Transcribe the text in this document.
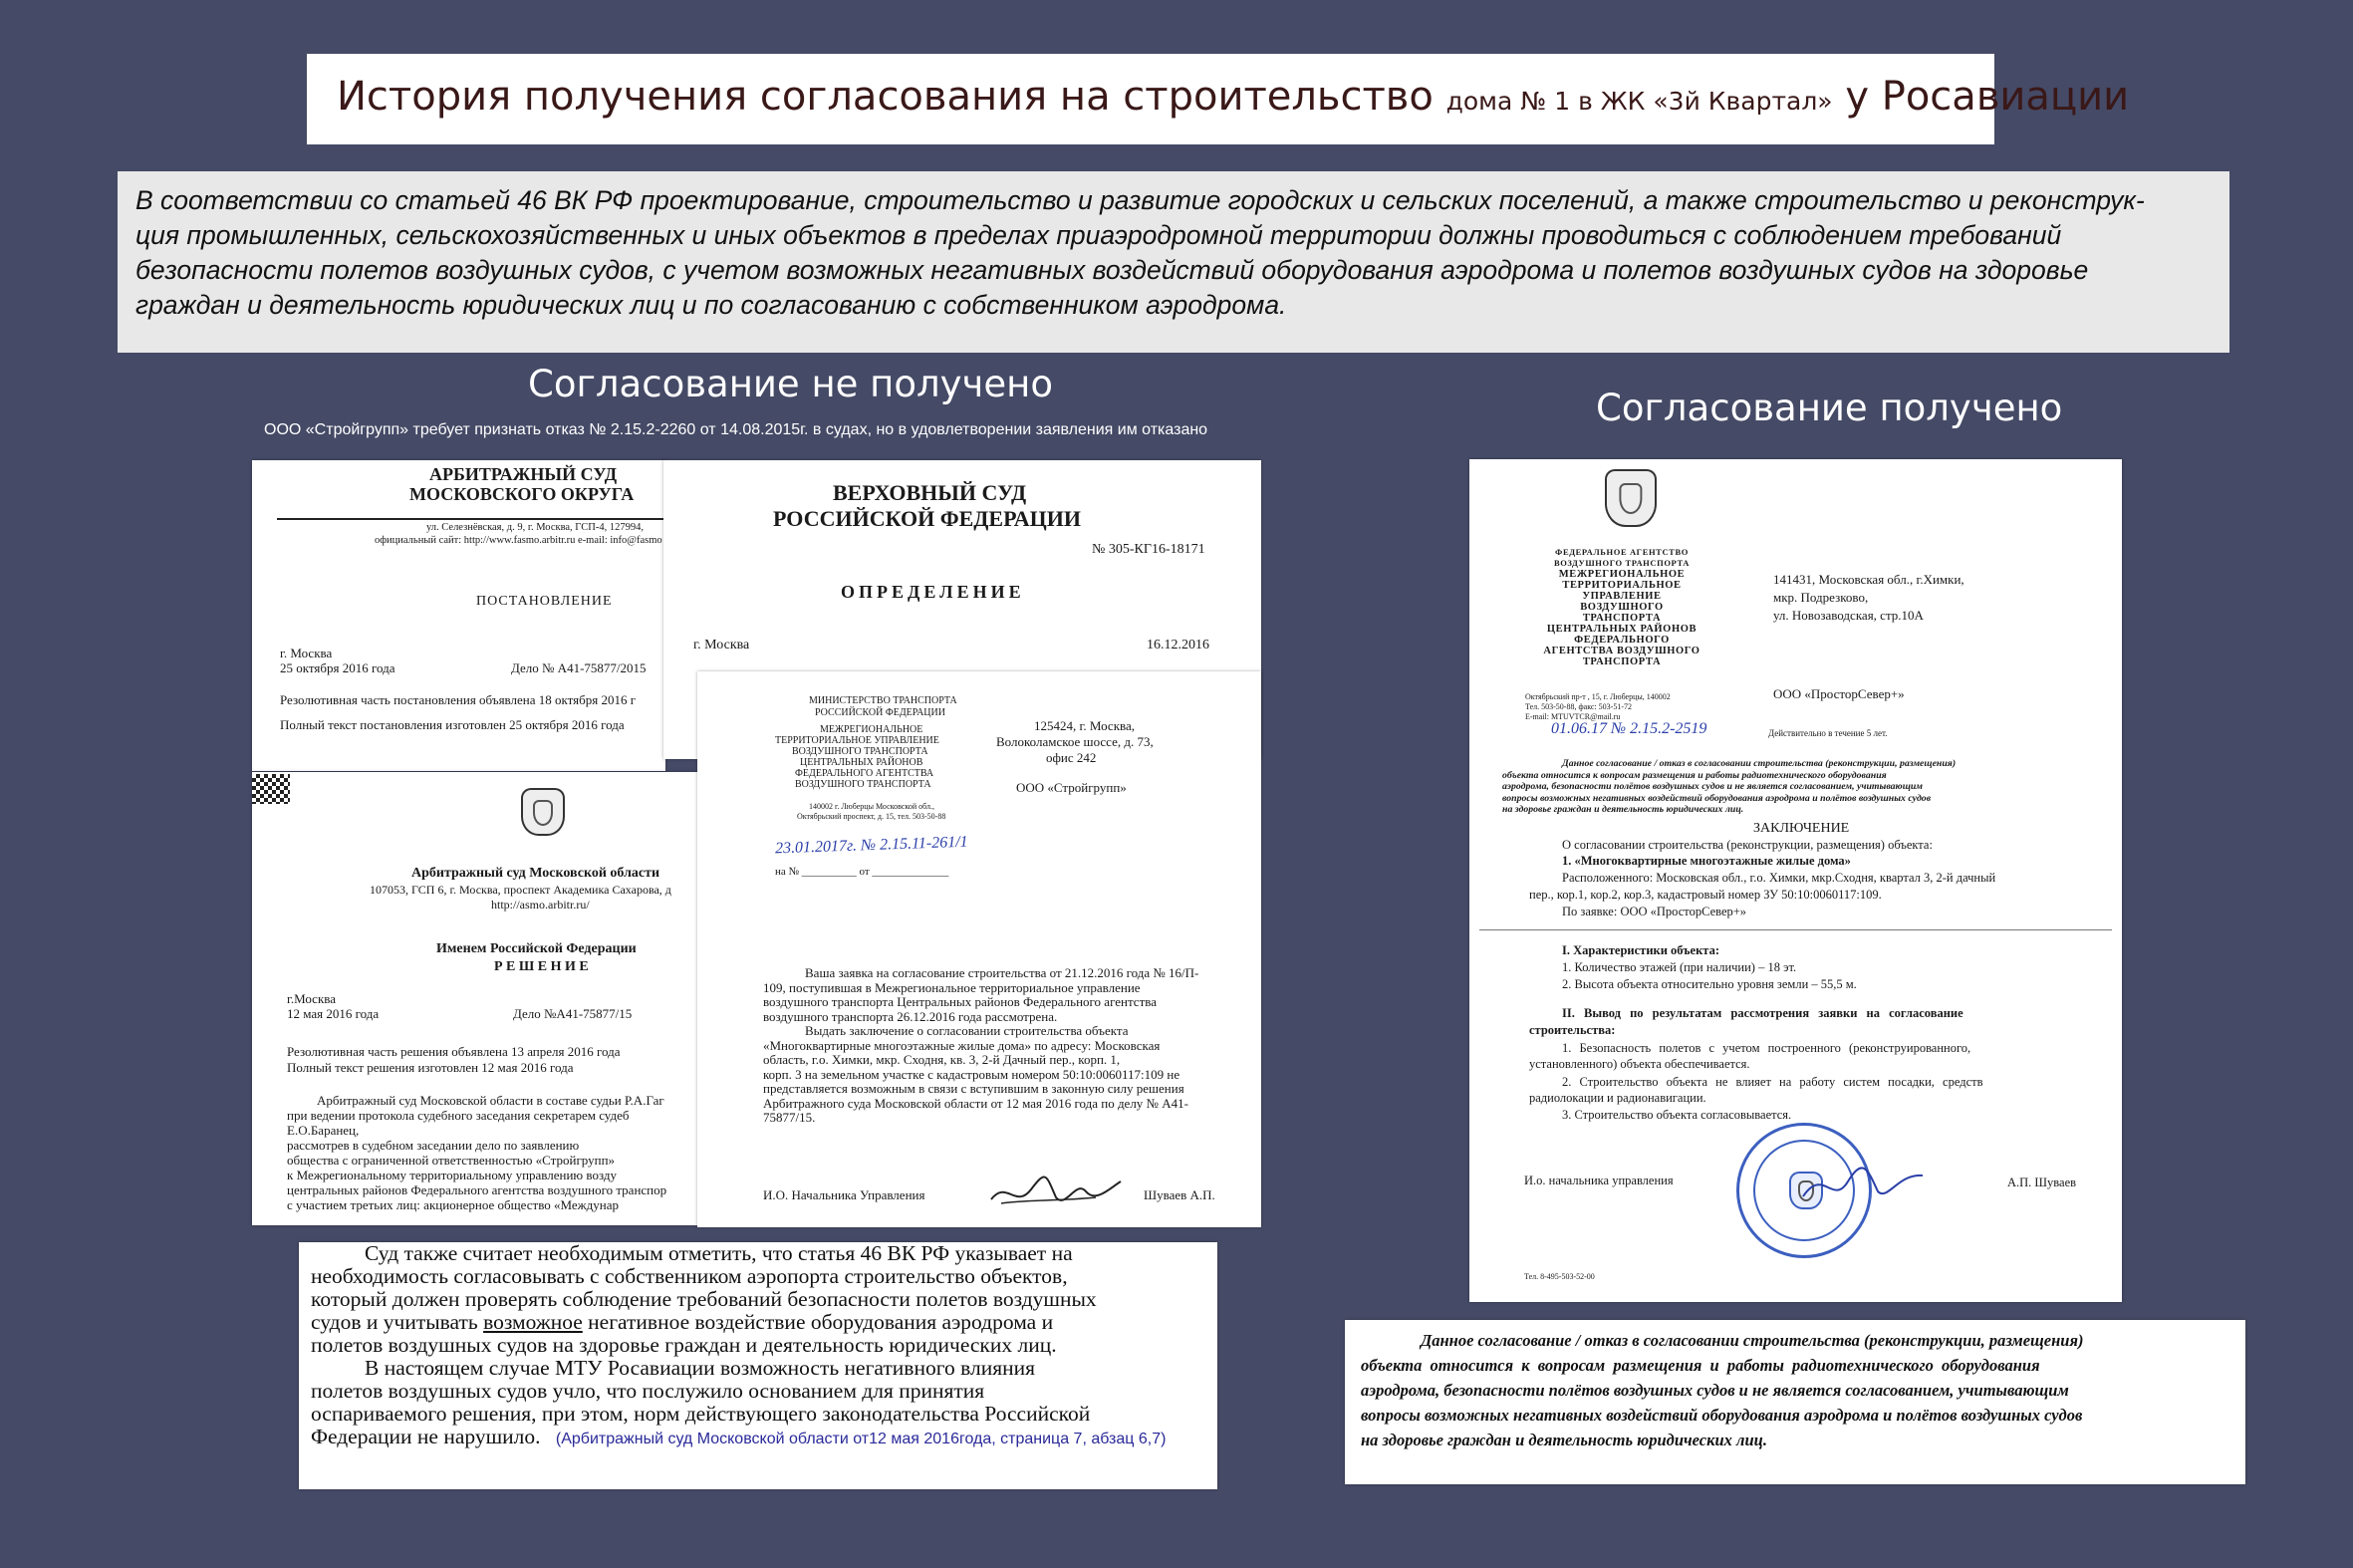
История получения согласования на строительство дома № 1 в ЖК «3й Квартал» у Росавиации
В соответствии со статьей 46 ВК РФ проектирование, строительство и развитие городских и сельских поселений, а также строительство и реконструк-
ция промышленных, сельскохозяйственных и иных объектов в пределах приаэродромной территории должны проводиться с соблюдением требований
безопасности полетов воздушных судов, с учетом возможных негативных воздействий оборудования аэродрома и полетов воздушных судов на здоровье
граждан и деятельность юридических лиц и по согласованию с собственником аэродрома.
Согласование не получено
ООО «Стройгрупп» требует признать отказ № 2.15.2-2260 от 14.08.2015г. в судах, но в удовлетворении заявления им отказано
Согласование получено
АРБИТРАЖНЫЙ СУД
МОСКОВСКОГО ОКРУГА
ул. Селезнёвская, д. 9, г. Москва, ГСП-4, 127994,
официальный сайт: http://www.fasmo.arbitr.ru e-mail: info@fasmo
ПОСТАНОВЛЕНИЕ
г. Москва
25 октября 2016 года	Дело № А41-75877/2015
Резолютивная часть постановления объявлена 18 октября 2016 г
Полный текст постановления изготовлен 25 октября 2016 года
ВЕРХОВНЫЙ СУД
РОССИЙСКОЙ ФЕДЕРАЦИИ
№ 305-КГ16-18171
ОПРЕДЕЛЕНИЕ
г. Москва	16.12.2016
Арбитражный суд Московской области
107053, ГСП 6, г. Москва, проспект Академика Сахарова, д
http://asmo.arbitr.ru/
Именем Российской Федерации
Р Е Ш Е Н И Е
г.Москва
12 мая 2016 года	Дело №А41-75877/15
Резолютивная часть решения объявлена 13 апреля 2016 года
Полный текст решения изготовлен 12 мая 2016 года
Арбитражный суд Московской области в составе судьи Р.А.Гаг
при ведении протокола судебного заседания секретарем судеб
Е.О.Баранец,
рассмотрев в судебном заседании дело по заявлению
общества с ограниченной ответственностью «Стройгрупп»
к Межрегиональному территориальному управлению возду
центральных районов Федерального агентства воздушного транспор
с участием третьих лиц: акционерное общество «Междунар
МИНИСТЕРСТВО ТРАНСПОРТА
РОССИЙСКОЙ ФЕДЕРАЦИИ
МЕЖРЕГИОНАЛЬНОЕ
ТЕРРИТОРИАЛЬНОЕ УПРАВЛЕНИЕ
ВОЗДУШНОГО ТРАНСПОРТА
ЦЕНТРАЛЬНЫХ РАЙОНОВ
ФЕДЕРАЛЬНОГО АГЕНТСТВА
ВОЗДУШНОГО ТРАНСПОРТА
140002 г. Люберцы Московской обл.,
Октябрьский проспект, д. 15, тел. 503-50-88
125424, г. Москва,
Волоколамское шоссе, д. 73,
офис 242
ООО «Стройгрупп»
23.01.2017г. № 2.15.11-261/1
на № __________ от ______________
Ваша заявка на согласование строительства от 21.12.2016 года № 16/П-
109, поступившая в Межрегиональное территориальное управление
воздушного транспорта Центральных районов Федерального агентства
воздушного транспорта 26.12.2016 года рассмотрена.
Выдать заключение о согласовании строительства объекта
«Многоквартирные многоэтажные жилые дома» по адресу: Московская
область, г.о. Химки, мкр. Сходня, кв. 3, 2-й Дачный пер., корп. 1,
корп. 3 на земельном участке с кадастровым номером 50:10:0060117:109 не
представляется возможным в связи с вступившим в законную силу решения
Арбитражного суда Московской области от 12 мая 2016 года по делу № А41-
75877/15.
И.О. Начальника Управления	Шуваев А.П.
Суд также считает необходимым отметить, что статья 46 ВК РФ указывает на
необходимость согласовывать с собственником аэропорта строительство объектов,
который должен проверять соблюдение требований безопасности полетов воздушных
судов и учитывать возможное негативное воздействие оборудования аэродрома и
полетов воздушных судов на здоровье граждан и деятельность юридических лиц.
В настоящем случае МТУ Росавиации возможность негативного влияния
полетов воздушных судов учло, что послужило основанием для принятия
оспариваемого решения, при этом, норм действующего законодательства Российской
Федерации не нарушило. (Арбитражный суд Московской области от12 мая 2016года, страница 7, абзац 6,7)
ФЕДЕРАЛЬНОЕ АГЕНТСТВО
ВОЗДУШНОГО ТРАНСПОРТА
МЕЖРЕГИОНАЛЬНОЕ
ТЕРРИТОРИАЛЬНОЕ
УПРАВЛЕНИЕ
ВОЗДУШНОГО
ТРАНСПОРТА
ЦЕНТРАЛЬНЫХ РАЙОНОВ
ФЕДЕРАЛЬНОГО
АГЕНТСТВА ВОЗДУШНОГО
ТРАНСПОРТА
141431, Московская обл., г.Химки,
мкр. Подрезково,
ул. Новозаводская, стр.10А
ООО «ПросторСевер+»
Октябрьский пр-т , 15, г. Люберцы, 140002
Тел. 503-50-88, факс: 503-51-72
E-mail: MTUVTCR@mail.ru
01.06.17 № 2.15.2-2519	Действительно в течение 5 лет.
Данное согласование / отказ в согласовании строительства (реконструкции, размещения)
объекта относится к вопросам размещения и работы радиотехнического оборудования
аэродрома, безопасности полётов воздушных судов и не является согласованием, учитывающим
вопросы возможных негативных воздействий оборудования аэродрома и полётов воздушных судов
на здоровье граждан и деятельность юридических лиц.
ЗАКЛЮЧЕНИЕ
О согласовании строительства (реконструкции, размещения) объекта:
1. «Многоквартирные многоэтажные жилые дома»
Расположенного: Московская обл., г.о. Химки, мкр.Сходня, квартал 3, 2-й дачный
пер., кор.1, кор.2, кор.3, кадастровый номер ЗУ 50:10:0060117:109.
По заявке: ООО «ПросторСевер+»
I. Характеристики объекта:
1. Количество этажей (при наличии) – 18 эт.
2. Высота объекта относительно уровня земли – 55,5 м.
II. Вывод по результатам рассмотрения заявки на согласование
строительства:
1. Безопасность полетов с учетом построенного (реконструированного,
установленного) объекта обеспечивается.
2. Строительство объекта не влияет на работу систем посадки, средств
радиолокации и радионавигации.
3. Строительство объекта согласовывается.
И.о. начальника управления	А.П. Шуваев
Тел. 8-495-503-52-00
Данное согласование / отказ в согласовании строительства (реконструкции, размещения)
объекта относится к вопросам размещения и работы радиотехнического оборудования
аэродрома, безопасности полётов воздушных судов и не является согласованием, учитывающим
вопросы возможных негативных воздействий оборудования аэродрома и полётов воздушных судов
на здоровье граждан и деятельность юридических лиц.
